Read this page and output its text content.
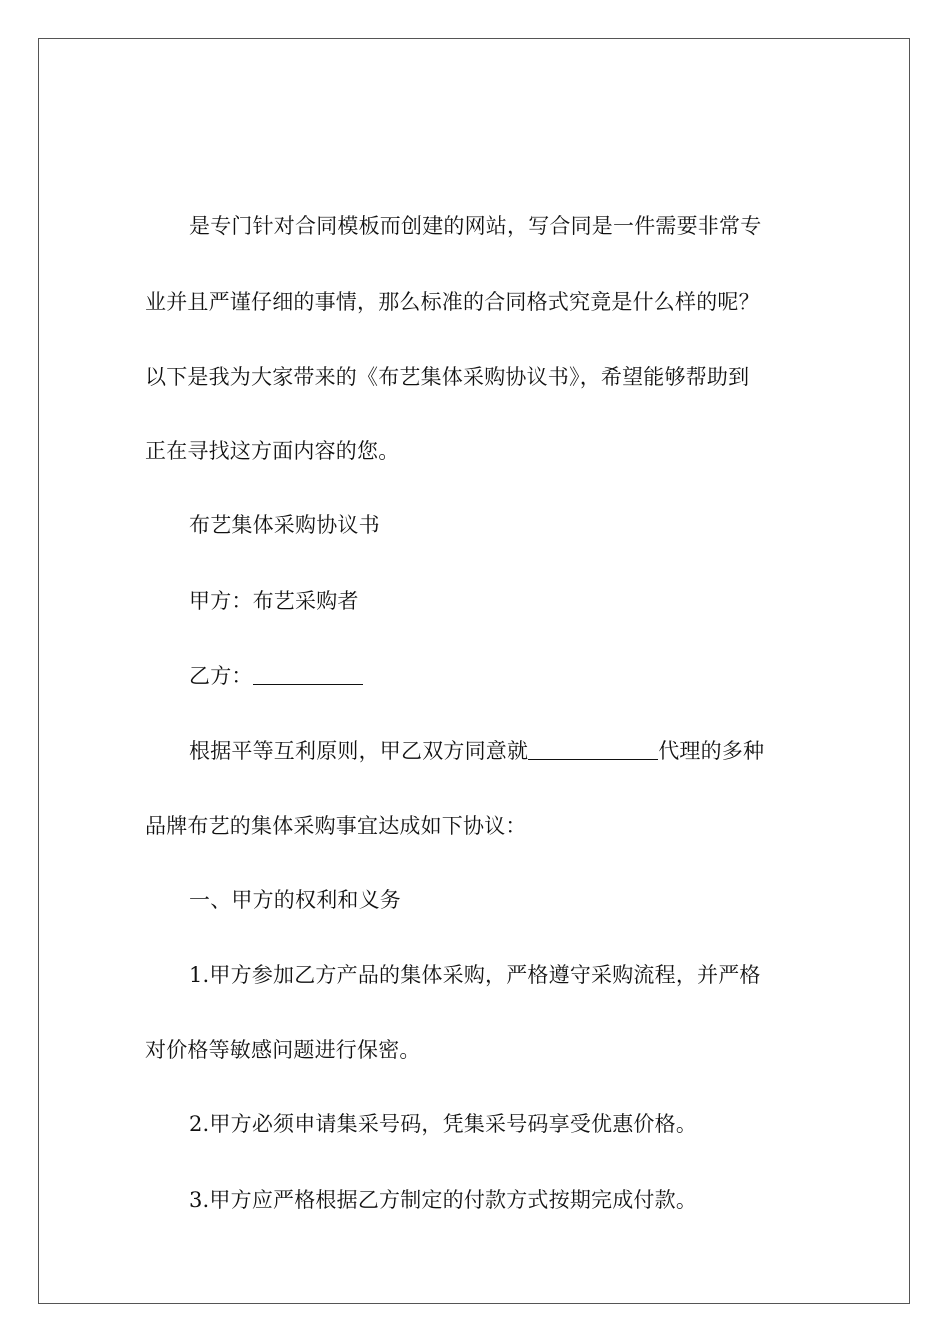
是专门针对合同模板而创建的网站，写合同是一件需要非常专
业并且严谨仔细的事情，那么标准的合同格式究竟是什么样的呢？
以下是我为大家带来的《布艺集体采购协议书》，希望能够帮助到
正在寻找这方面内容的您。
布艺集体采购协议书
甲方：布艺采购者
乙方：
根据平等互利原则，甲乙双方同意就	代理的多种
品牌布艺的集体采购事宜达成如下协议：
一、甲方的权利和义务
1.甲方参加乙方产品的集体采购，严格遵守采购流程，并严格
对价格等敏感问题进行保密。
2.甲方必须申请集采号码，凭集采号码享受优惠价格。
3.甲方应严格根据乙方制定的付款方式按期完成付款。
